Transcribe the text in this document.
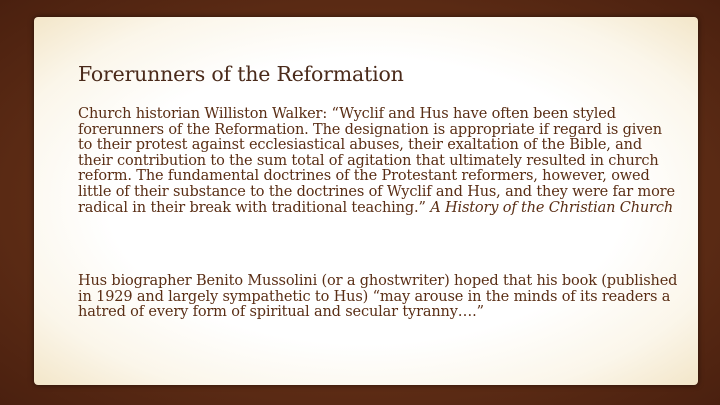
Forerunners of the Reformation

Church historian Williston Walker: “Wyclif and Hus have often been styled forerunners of the Reformation. The designation is appropriate if regard is given to their protest against ecclesiastical abuses, their exaltation of the Bible, and their contribution to the sum total of agitation that ultimately resulted in church reform. The fundamental doctrines of the Protestant reformers, however, owed little of their substance to the doctrines of Wyclif and Hus, and they were far more radical in their break with traditional teaching.” A History of the Christian Church

Hus biographer Benito Mussolini (or a ghostwriter) hoped that his book (published in 1929 and largely sympathetic to Hus) “may arouse in the minds of its readers a hatred of every form of spiritual and secular tyranny….”
